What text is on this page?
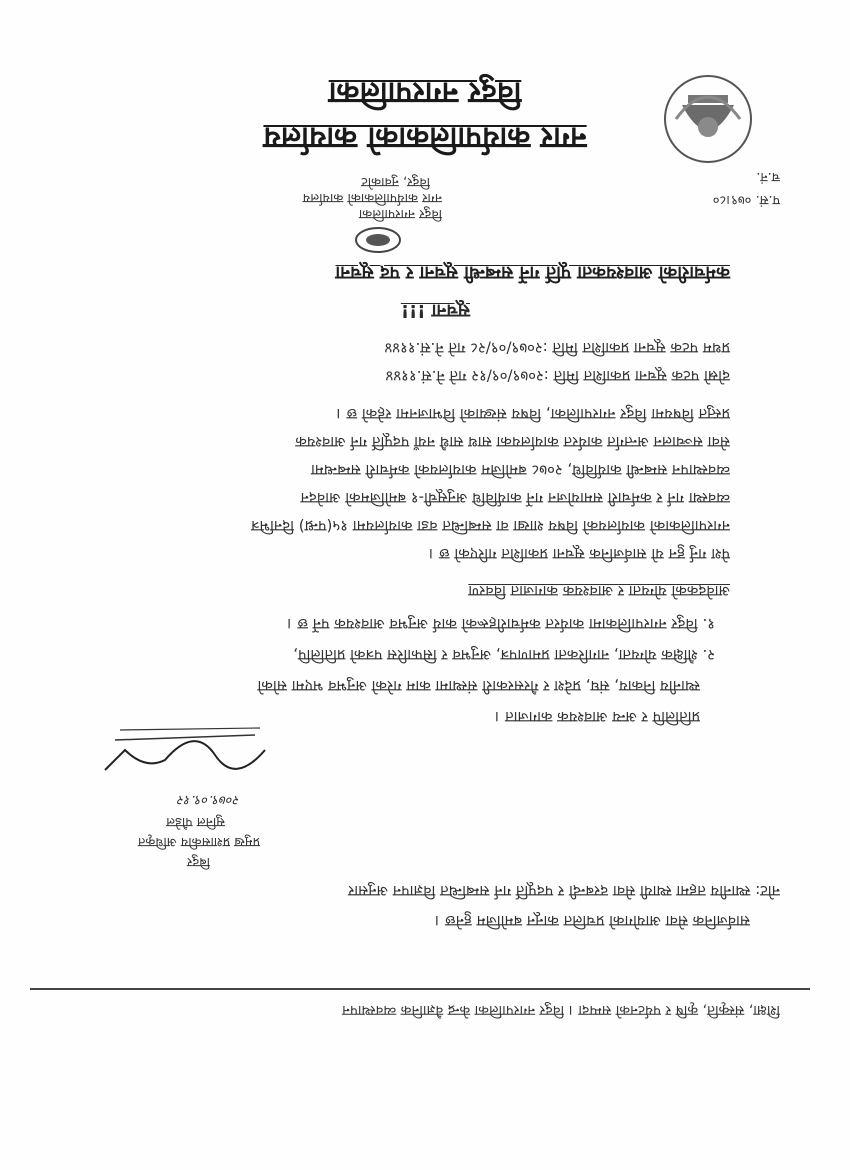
विदुर नगरपालिका
नगर कार्यपालिकाको कार्यालय
विदुर नगरपालिका
नगर कार्यपालिकाको कार्यालय
विदुर, नुवाकोट
प.सं. ०७९।८०
च.नं.
कर्मचारीको आवश्यकता पूर्ति गर्ने सम्बन्धी सूचना र पद सूचना
सूचना !!!
प्रथम पटक सूचना प्रकाशित मिति :२०७९/०९/२८ गते ने.सं.११४४
दोस्रो पटक सूचना प्रकाशित मिति :२०७९/०९/१२ गते ने.सं.११४४
प्रस्तुत विषयमा विदुर नगरपालिका, विषय संख्याको विभाजनमा रहेको छ ।
सेवा सञ्चालन अन्तर्गत कार्यरत कार्यालयका साथ साथै नयाँ पदपूर्ति गर्न आवश्यक
व्यवस्थापन सम्बन्धी कार्यविधि, २०७८ बमोजिम कार्यालयको कर्मचारी सम्बन्धमा
व्यवस्था गर्न र कर्मचारी समायोजन गर्ने कार्यविधि अनुसूची-१ बमोजिमको आवेदन
नगरपालिकाको कार्यालयको विषय शाखा वा सम्बन्धित वडा कार्यालयमा १५(पन्ध्र) दिनभित्र
पेश गर्नु हुन यो सार्वजनिक सूचना प्रकाशित गरिएको छ ।
आवेदकको योग्यता र आवश्यक कागजात विवरण
१. विदुर नगरपालिकामा कार्यरत कर्मचारीहरूको कार्य अनुभव आवश्यक पर्ने छ ।
२. शैक्षिक योग्यता, नागरिकता प्रमाणपत्र, अनुभव र सिफारिस पत्रको प्रतिलिपि,
स्थानीय निकाय, संघ, प्रदेश र गैरसरकारी संस्थामा काम गरेको अनुभव भएमा सोको
प्रतिलिपि र अन्य आवश्यक कागजात ।
२०७९.०९.१२
सुनिल पौडेल
प्रमुख प्रशासकीय अधिकृत
बिदुर
नोट: स्थानीय तहमा स्थायी सेवा दरबन्दी र पदपूर्ति गर्न सम्बन्धित विज्ञापन अनुसार
सार्वजनिक सेवा आयोगको प्रचलित कानून बमोजिम हुनेछ ।
शिक्षा, संस्कृति, कृषि र पर्यटनको सम्पदा । विदुर नगरपालिका केन्द्र वैज्ञानिक व्यवस्थापन
